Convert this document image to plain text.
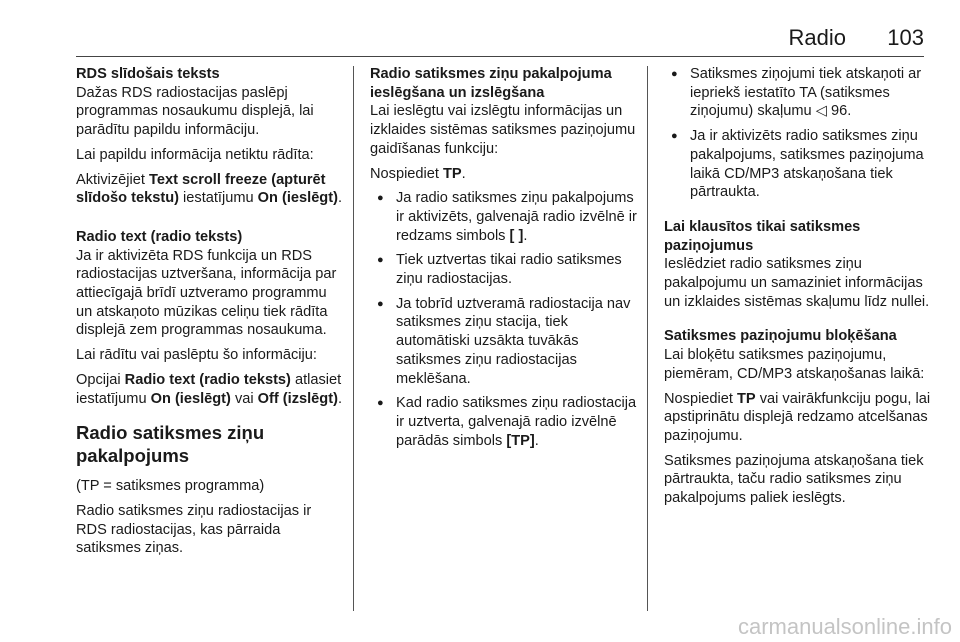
Radio 103
RDS slīdošais teksts

Dažas RDS radiostacijas paslēpj programmas nosaukumu displejā, lai parādītu papildu informāciju.

Lai papildu informācija netiktu rādīta:

Aktivizējiet Text scroll freeze (apturēt slīdošo tekstu) iestatījumu On (ieslēgt).

Radio text (radio teksts)

Ja ir aktivizēta RDS funkcija un RDS radiostacijas uztveršana, informācija par attiecīgajā brīdī uztveramo programmu un atskaņoto mūzikas celiņu tiek rādīta displejā zem programmas nosaukuma.

Lai rādītu vai paslēptu šo informāciju:

Opcijai Radio text (radio teksts) atlasiet iestatījumu On (ieslēgt) vai Off (izslēgt).

Radio satiksmes ziņu pakalpojums

(TP = satiksmes programma)

Radio satiksmes ziņu radiostacijas ir RDS radiostacijas, kas pārraida satiksmes ziņas.

Radio satiksmes ziņu pakalpojuma ieslēgšana un izslēgšana

Lai ieslēgtu vai izslēgtu informācijas un izklaides sistēmas satiksmes paziņojumu gaidīšanas funkciju:

Nospiediet TP.

● Ja radio satiksmes ziņu pakalpojums ir aktivizēts, galvenajā radio izvēlnē ir redzams simbols [ ].
● Tiek uztvertas tikai radio satiksmes ziņu radiostacijas.
● Ja tobrīd uztveramā radiostacija nav satiksmes ziņu stacija, tiek automātiski uzsākta tuvākās satiksmes ziņu radiostacijas meklēšana.
● Kad radio satiksmes ziņu radiostacija ir uztverta, galvenajā radio izvēlnē parādās simbols [TP].
● Satiksmes ziņojumi tiek atskaņoti ar iepriekš iestatīto TA (satiksmes ziņojumu) skaļumu ◁ 96.
● Ja ir aktivizēts radio satiksmes ziņu pakalpojums, satiksmes paziņojuma laikā CD/MP3 atskaņošana tiek pārtraukta.
Lai klausītos tikai satiksmes paziņojumus

Ieslēdziet radio satiksmes ziņu pakalpojumu un samaziniet informācijas un izklaides sistēmas skaļumu līdz nullei.

Satiksmes paziņojumu bloķēšana

Lai bloķētu satiksmes paziņojumu, piemēram, CD/MP3 atskaņošanas laikā:

Nospiediet TP vai vairākfunkciju pogu, lai apstiprinātu displejā redzamo atcelšanas paziņojumu.

Satiksmes paziņojuma atskaņošana tiek pārtraukta, taču radio satiksmes ziņu pakalpojums paliek ieslēgts.

carmanualsonline.info
